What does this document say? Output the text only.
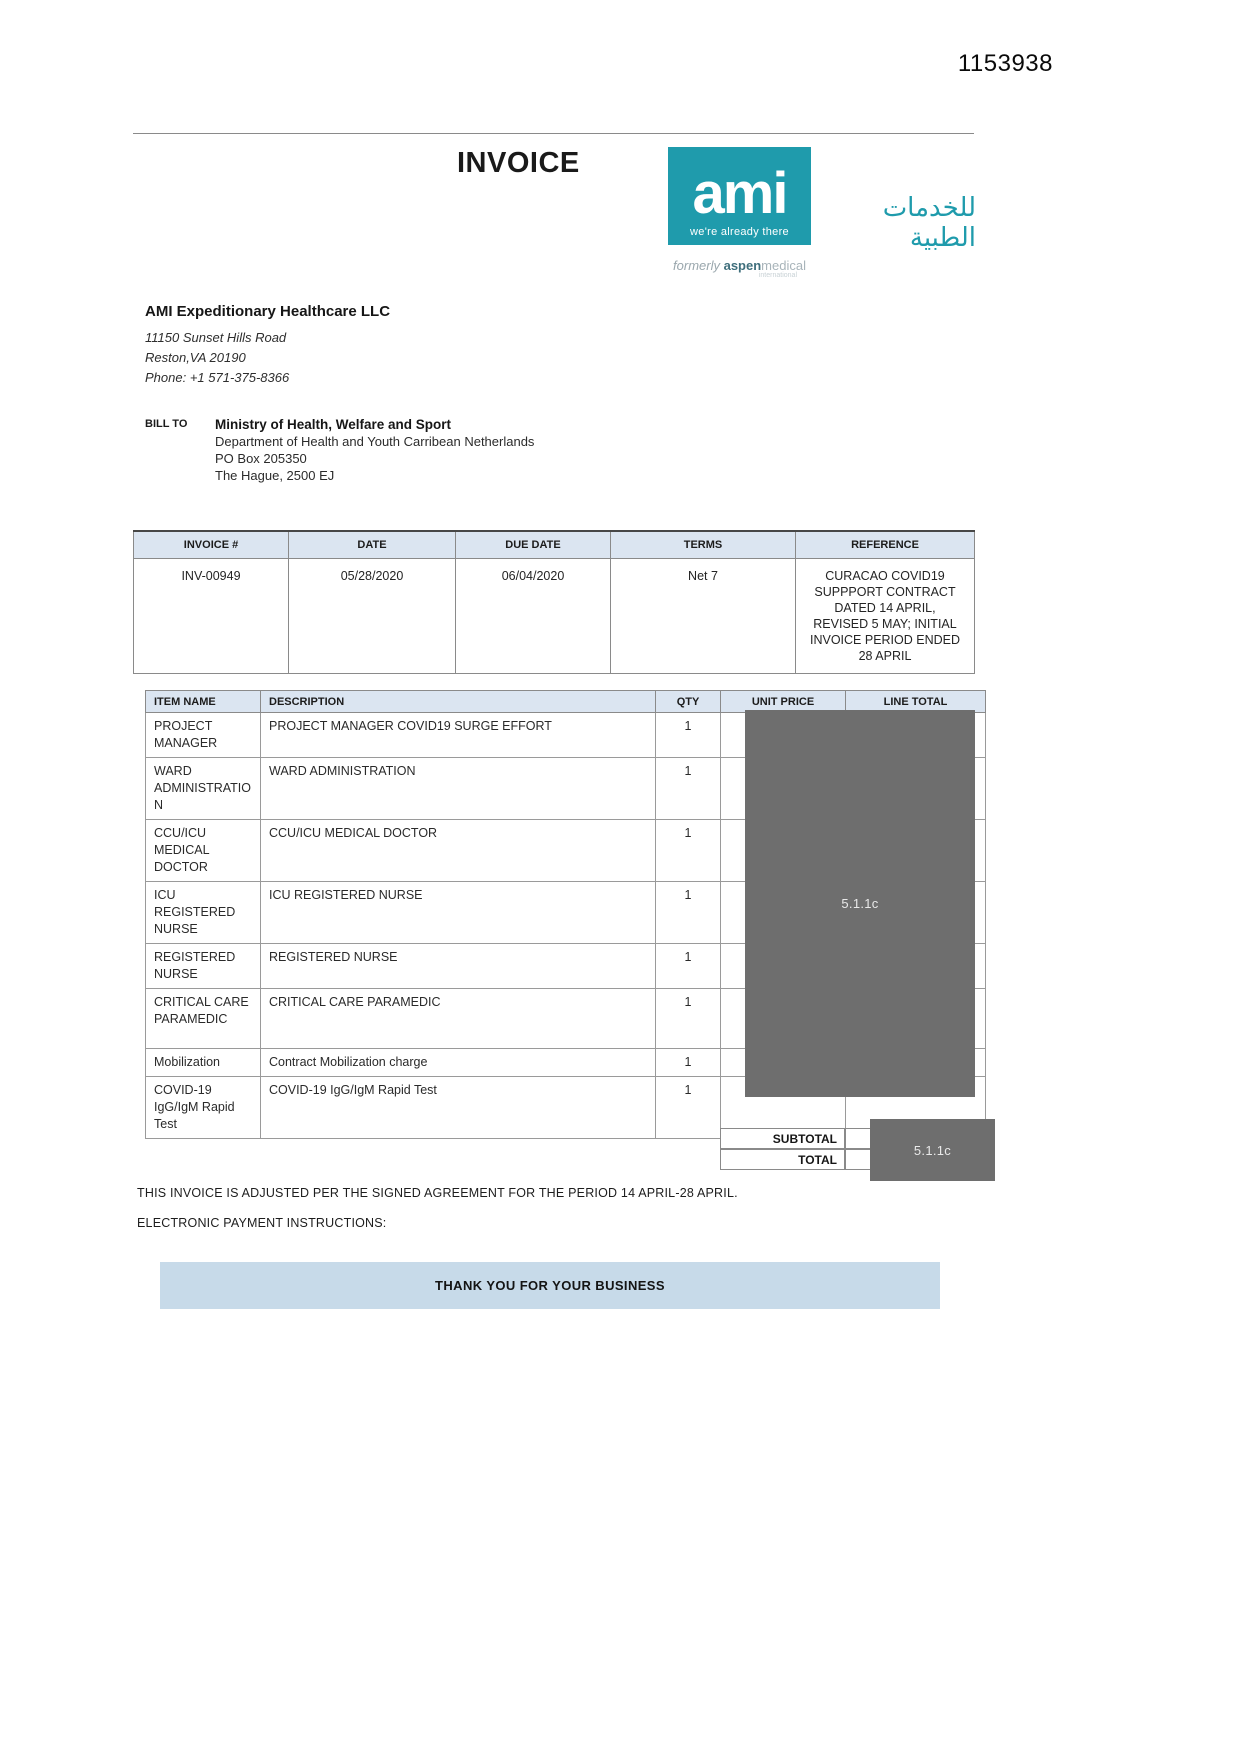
1153938
INVOICE ami
we're already there
للخدمات الطبية
formerly aspenmedical
international
AMI Expeditionary Healthcare LLC
11150 Sunset Hills Road
Reston,VA 20190
Phone: +1 571-375-8366
BILL TO	Ministry of Health, Welfare and Sport
Department of Health and Youth Carribean Netherlands
PO Box 205350
The Hague, 2500 EJ
INVOICE #	DATE	DUE DATE	TERMS	REFERENCE
INV-00949	05/28/2020	06/04/2020	Net 7	CURACAO COVID19 SUPPPORT CONTRACT DATED 14 APRIL, REVISED 5 MAY; INITIAL INVOICE PERIOD ENDED 28 APRIL
ITEM NAME	DESCRIPTION	QTY	UNIT PRICE	LINE TOTAL
PROJECT MANAGER	PROJECT MANAGER COVID19 SURGE EFFORT	1		
WARD ADMINISTRATION	WARD ADMINISTRATION	1		
CCU/ICU MEDICAL DOCTOR	CCU/ICU MEDICAL DOCTOR	1		
ICU REGISTERED NURSE	ICU REGISTERED NURSE	1		
REGISTERED NURSE	REGISTERED NURSE	1		
CRITICAL CARE PARAMEDIC	CRITICAL CARE PARAMEDIC	1		
Mobilization	Contract Mobilization charge	1		
COVID-19 IgG/IgM Rapid Test	COVID-19 IgG/IgM Rapid Test	1		
5.1.1c
SUBTOTAL
TOTAL
5.1.1c
THIS INVOICE IS ADJUSTED PER THE SIGNED AGREEMENT FOR THE PERIOD 14 APRIL-28 APRIL.
ELECTRONIC PAYMENT INSTRUCTIONS:
THANK YOU FOR YOUR BUSINESS
